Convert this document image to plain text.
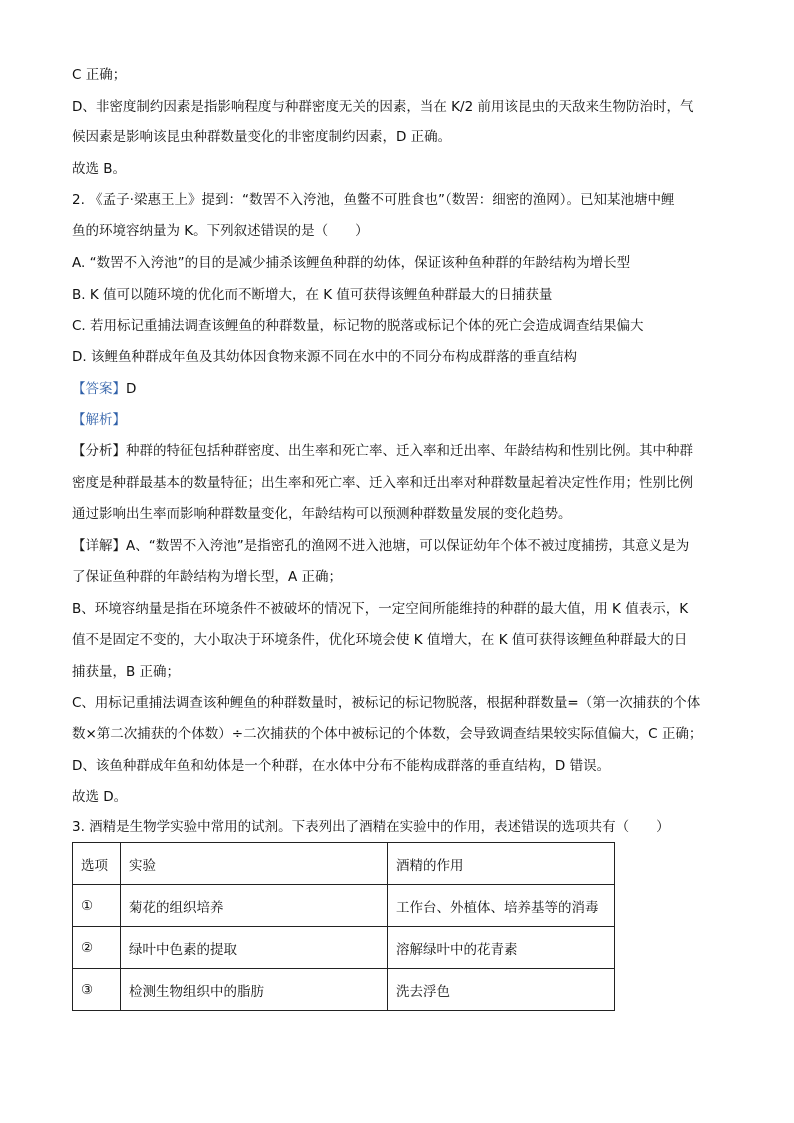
C 正确；
D、非密度制约因素是指影响程度与种群密度无关的因素，当在 K/2 前用该昆虫的天敌来生物防治时，气
候因素是影响该昆虫种群数量变化的非密度制约因素，D 正确。
故选 B。
2. 《孟子·梁惠王上》提到：“数罟不入洿池，鱼鳖不可胜食也”（数罟：细密的渔网）。已知某池塘中鲤
鱼的环境容纳量为 K。下列叙述错误的是（　　）
A. “数罟不入洿池”的目的是减少捕杀该鲤鱼种群的幼体，保证该种鱼种群的年龄结构为增长型
B. K 值可以随环境的优化而不断增大，在 K 值可获得该鲤鱼种群最大的日捕获量
C. 若用标记重捕法调查该鲤鱼的种群数量，标记物的脱落或标记个体的死亡会造成调查结果偏大
D. 该鲤鱼种群成年鱼及其幼体因食物来源不同在水中的不同分布构成群落的垂直结构
【答案】D
【解析】
【分析】种群的特征包括种群密度、出生率和死亡率、迁入率和迁出率、年龄结构和性别比例。其中种群
密度是种群最基本的数量特征；出生率和死亡率、迁入率和迁出率对种群数量起着决定性作用；性别比例
通过影响出生率而影响种群数量变化，年龄结构可以预测种群数量发展的变化趋势。
【详解】A、“数罟不入洿池”是指密孔的渔网不进入池塘，可以保证幼年个体不被过度捕捞，其意义是为
了保证鱼种群的年龄结构为增长型，A 正确；
B、环境容纳量是指在环境条件不被破坏的情况下，一定空间所能维持的种群的最大值，用 K 值表示，K
值不是固定不变的，大小取决于环境条件，优化环境会使 K 值增大，在 K 值可获得该鲤鱼种群最大的日
捕获量，B 正确；
C、用标记重捕法调查该种鲤鱼的种群数量时，被标记的标记物脱落，根据种群数量=（第一次捕获的个体
数×第二次捕获的个体数）÷二次捕获的个体中被标记的个体数，会导致调查结果较实际值偏大，C 正确；
D、该鱼种群成年鱼和幼体是一个种群，在水体中分布不能构成群落的垂直结构，D 错误。
故选 D。
3. 酒精是生物学实验中常用的试剂。下表列出了酒精在实验中的作用，表述错误的选项共有（　　）
选项	实验	酒精的作用
①	菊花的组织培养	工作台、外植体、培养基等的消毒
②	绿叶中色素的提取	溶解绿叶中的花青素
③	检测生物组织中的脂肪	洗去浮色
